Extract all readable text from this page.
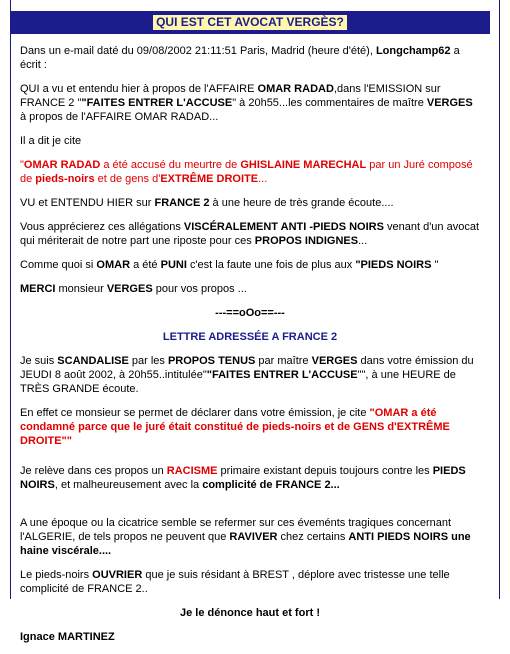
QUI EST CET AVOCAT VERGÈS?

Dans un e-mail daté du 09/08/2002 21:11:51 Paris, Madrid (heure d'été), Longchamp62 a écrit :

QUI a vu et entendu hier à propos de l'AFFAIRE OMAR RADAD,dans l'EMISSION sur FRANCE 2 ""FAITES ENTRER L'ACCUSE" à 20h55...les commentaires de maître VERGES à propos de l'AFFAIRE OMAR RADAD...

Il a dit je cite

"OMAR RADAD a été accusé du meurtre de GHISLAINE MARECHAL par un Juré composé de pieds-noirs et de gens d'EXTRÊME DROITE...

VU et ENTENDU HIER sur FRANCE 2 à une heure de très grande écoute....

Vous apprécierez ces allégations VISCÉRALEMENT ANTI -PIEDS NOIRS venant d'un avocat qui mériterait de notre part une riposte pour ces PROPOS INDIGNES...

Comme quoi si OMAR a été PUNI c'est la faute une fois de plus aux "PIEDS NOIRS "

MERCI monsieur VERGES pour vos propos ...

---==oOo==---

LETTRE ADRESSÉE A FRANCE 2

Je suis SCANDALISE par les PROPOS TENUS par maître VERGES dans votre émission du JEUDI 8 août 2002, à 20h55..intitulée""FAITES ENTRER L'ACCUSE"", à une HEURE de TRÈS GRANDE écoute.

En effet ce monsieur se permet de déclarer dans votre émission, je cite "OMAR a été condamné parce que le juré était constitué de pieds-noirs et de GENS d'EXTRÊME DROITE""

Je relève dans ces propos un RACISME primaire existant depuis toujours contre les PIEDS NOIRS, et malheureusement avec la complicité de FRANCE 2...

A une époque ou la cicatrice semble se refermer sur ces éveménts tragiques concernant l'ALGERIE, de tels propos ne peuvent que RAVIVER chez certains ANTI PIEDS NOIRS une haine viscérale....

Le pieds-noirs OUVRIER que je suis résidant à BREST , déplore avec tristesse une telle complicité de FRANCE 2..

Je le dénonce haut et fort !

Ignace MARTINEZ
